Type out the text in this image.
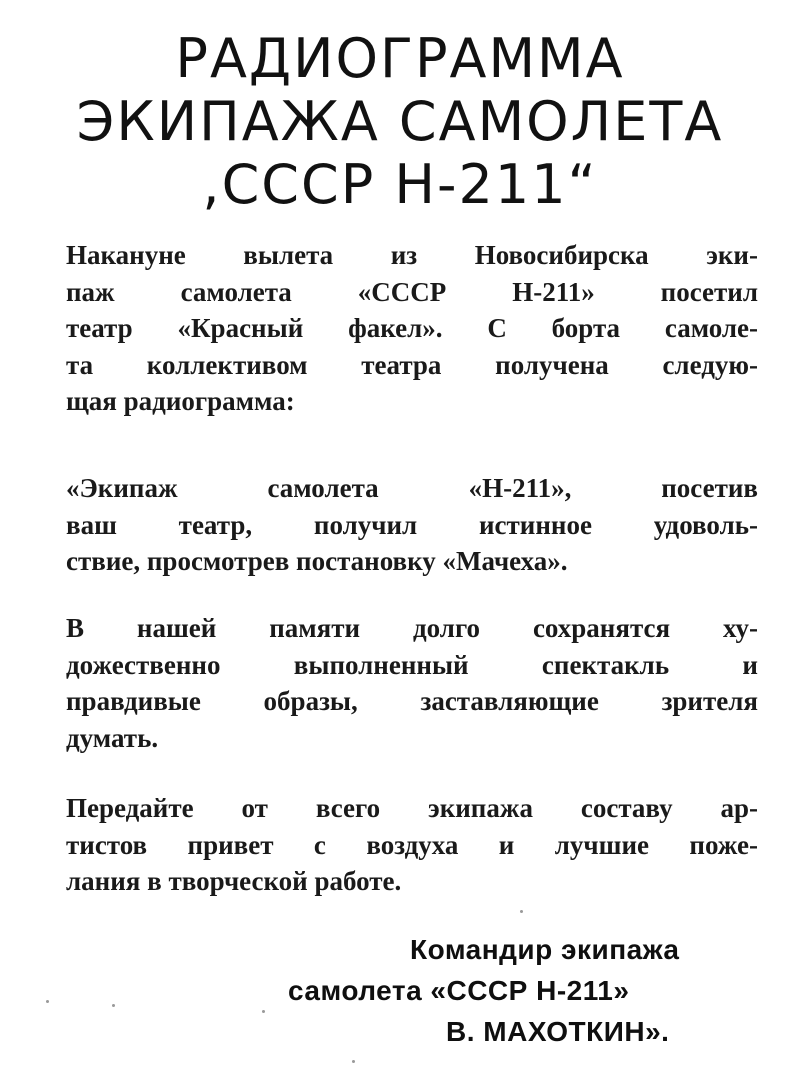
РАДИОГРАММА
ЭКИПАЖА САМОЛЕТА
,СССР Н-211“

Накануне вылета из Новосибирска эки-
паж самолета «СССР Н-211» посетил
театр «Красный факел». С борта самоле-
та коллективом театра получена следую-
щая радиограмма:

«Экипаж самолета «Н-211», посетив
ваш театр, получил истинное удоволь-
ствие, просмотрев постановку «Мачеха».

В нашей памяти долго сохранятся ху-
дожественно выполненный спектакль и
правдивые образы, заставляющие зрителя
думать.

Передайте от всего экипажа составу ар-
тистов привет с воздуха и лучшие поже-
лания в творческой работе.

Командир экипажа
самолета «СССР Н-211»
В. МАХОТКИН».
